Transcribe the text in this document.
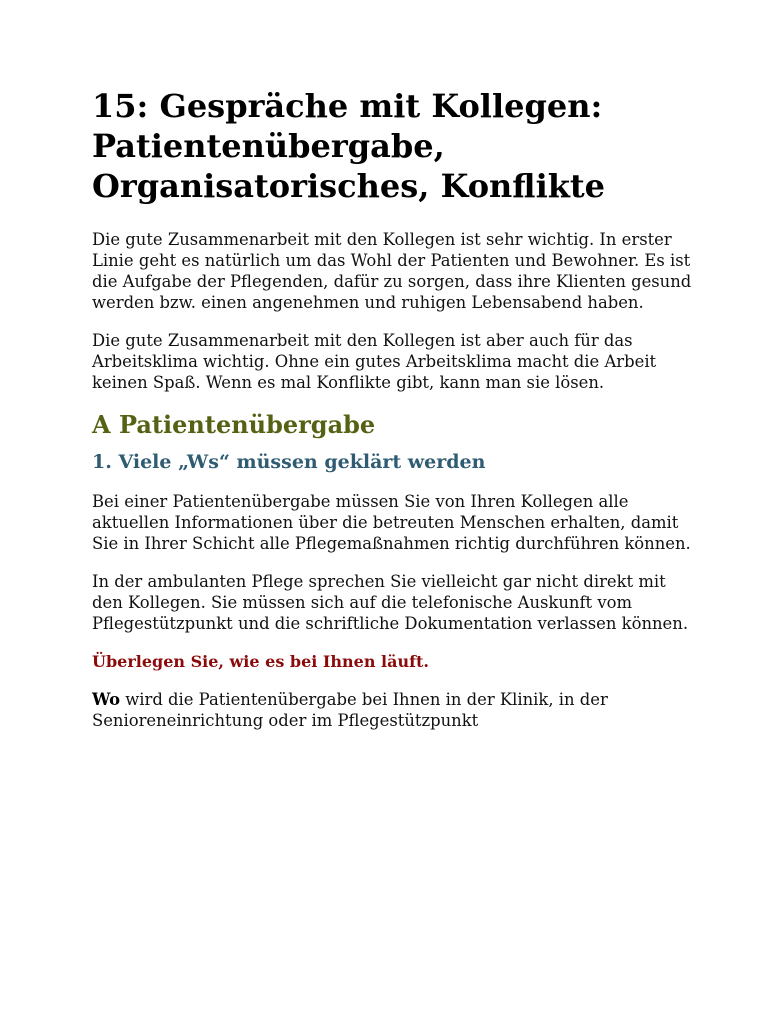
15: Gespräche mit Kollegen: Patientenübergabe, Organisatorisches, Konflikte

Die gute Zusammenarbeit mit den Kollegen ist sehr wichtig. In erster Linie geht es natürlich um das Wohl der Patienten und Bewohner. Es ist die Aufgabe der Pflegenden, dafür zu sorgen, dass ihre Klienten gesund werden bzw. einen angenehmen und ruhigen Lebensabend haben.

Die gute Zusammenarbeit mit den Kollegen ist aber auch für das Arbeitsklima wichtig. Ohne ein gutes Arbeitsklima macht die Arbeit keinen Spaß. Wenn es mal Konflikte gibt, kann man sie lösen.

A Patientenübergabe
1. Viele „Ws“ müssen geklärt werden

Bei einer Patientenübergabe müssen Sie von Ihren Kollegen alle aktuellen Informationen über die betreuten Menschen erhalten, damit Sie in Ihrer Schicht alle Pflegemaßnahmen richtig durchführen können.

In der ambulanten Pflege sprechen Sie vielleicht gar nicht direkt mit den Kollegen. Sie müssen sich auf die telefonische Auskunft vom Pflegestützpunkt und die schriftliche Dokumentation verlassen können.

Überlegen Sie, wie es bei Ihnen läuft.

Wo wird die Patientenübergabe bei Ihnen in der Klinik, in der Senioreneinrichtung oder im Pflegestützpunkt
